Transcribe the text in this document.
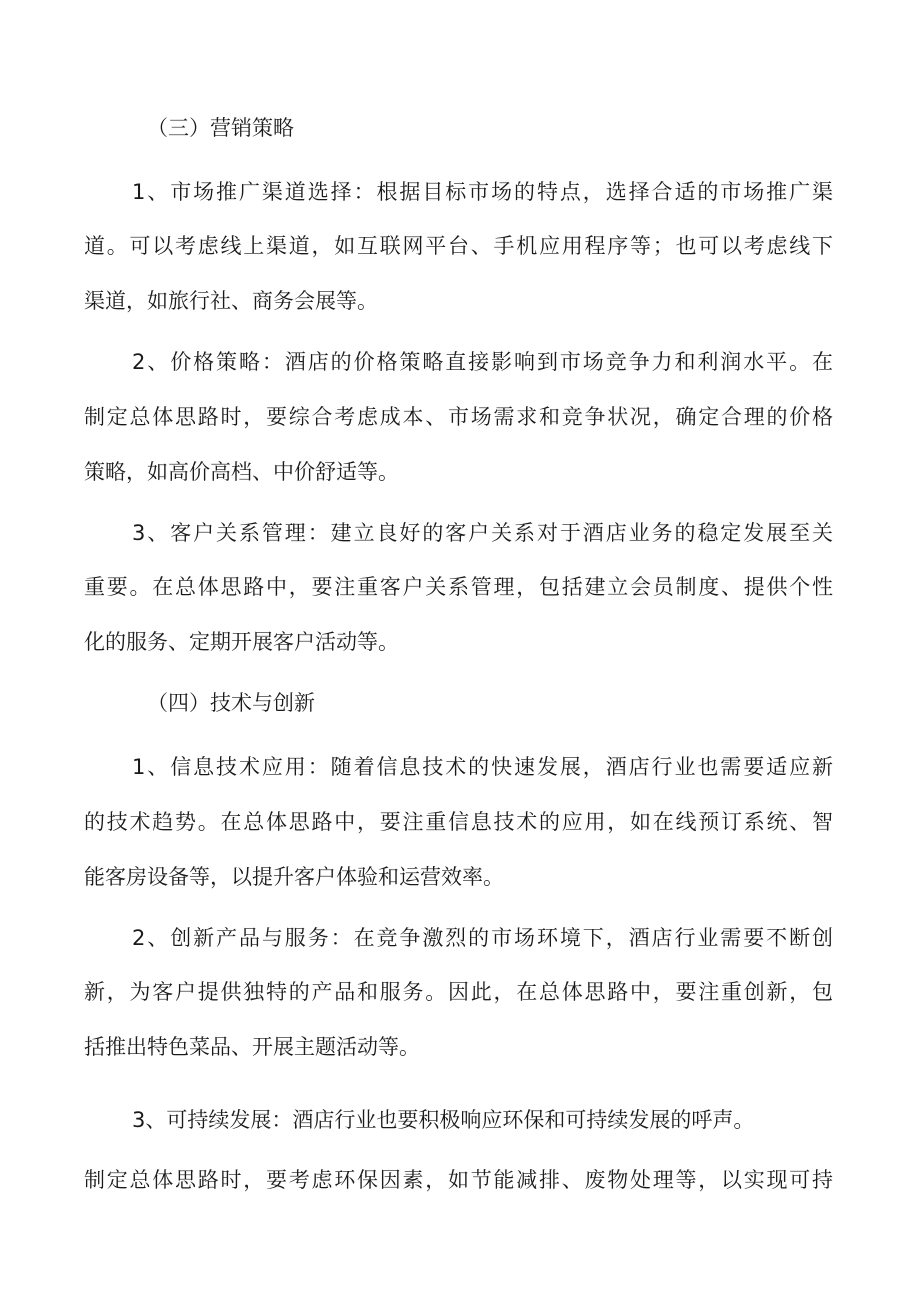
（三）营销策略
1、市场推广渠道选择：根据目标市场的特点，选择合适的市场推广渠
道。可以考虑线上渠道，如互联网平台、手机应用程序等；也可以考虑线下
渠道，如旅行社、商务会展等。
2、价格策略：酒店的价格策略直接影响到市场竞争力和利润水平。在
制定总体思路时，要综合考虑成本、市场需求和竞争状况，确定合理的价格
策略，如高价高档、中价舒适等。
3、客户关系管理：建立良好的客户关系对于酒店业务的稳定发展至关
重要。在总体思路中，要注重客户关系管理，包括建立会员制度、提供个性
化的服务、定期开展客户活动等。
（四）技术与创新
1、信息技术应用：随着信息技术的快速发展，酒店行业也需要适应新
的技术趋势。在总体思路中，要注重信息技术的应用，如在线预订系统、智
能客房设备等，以提升客户体验和运营效率。
2、创新产品与服务：在竞争激烈的市场环境下，酒店行业需要不断创
新，为客户提供独特的产品和服务。因此，在总体思路中，要注重创新，包
括推出特色菜品、开展主题活动等。
3、可持续发展：酒店行业也要积极响应环保和可持续发展的呼声。
制定总体思路时，要考虑环保因素，如节能减排、废物处理等，以实现可持
